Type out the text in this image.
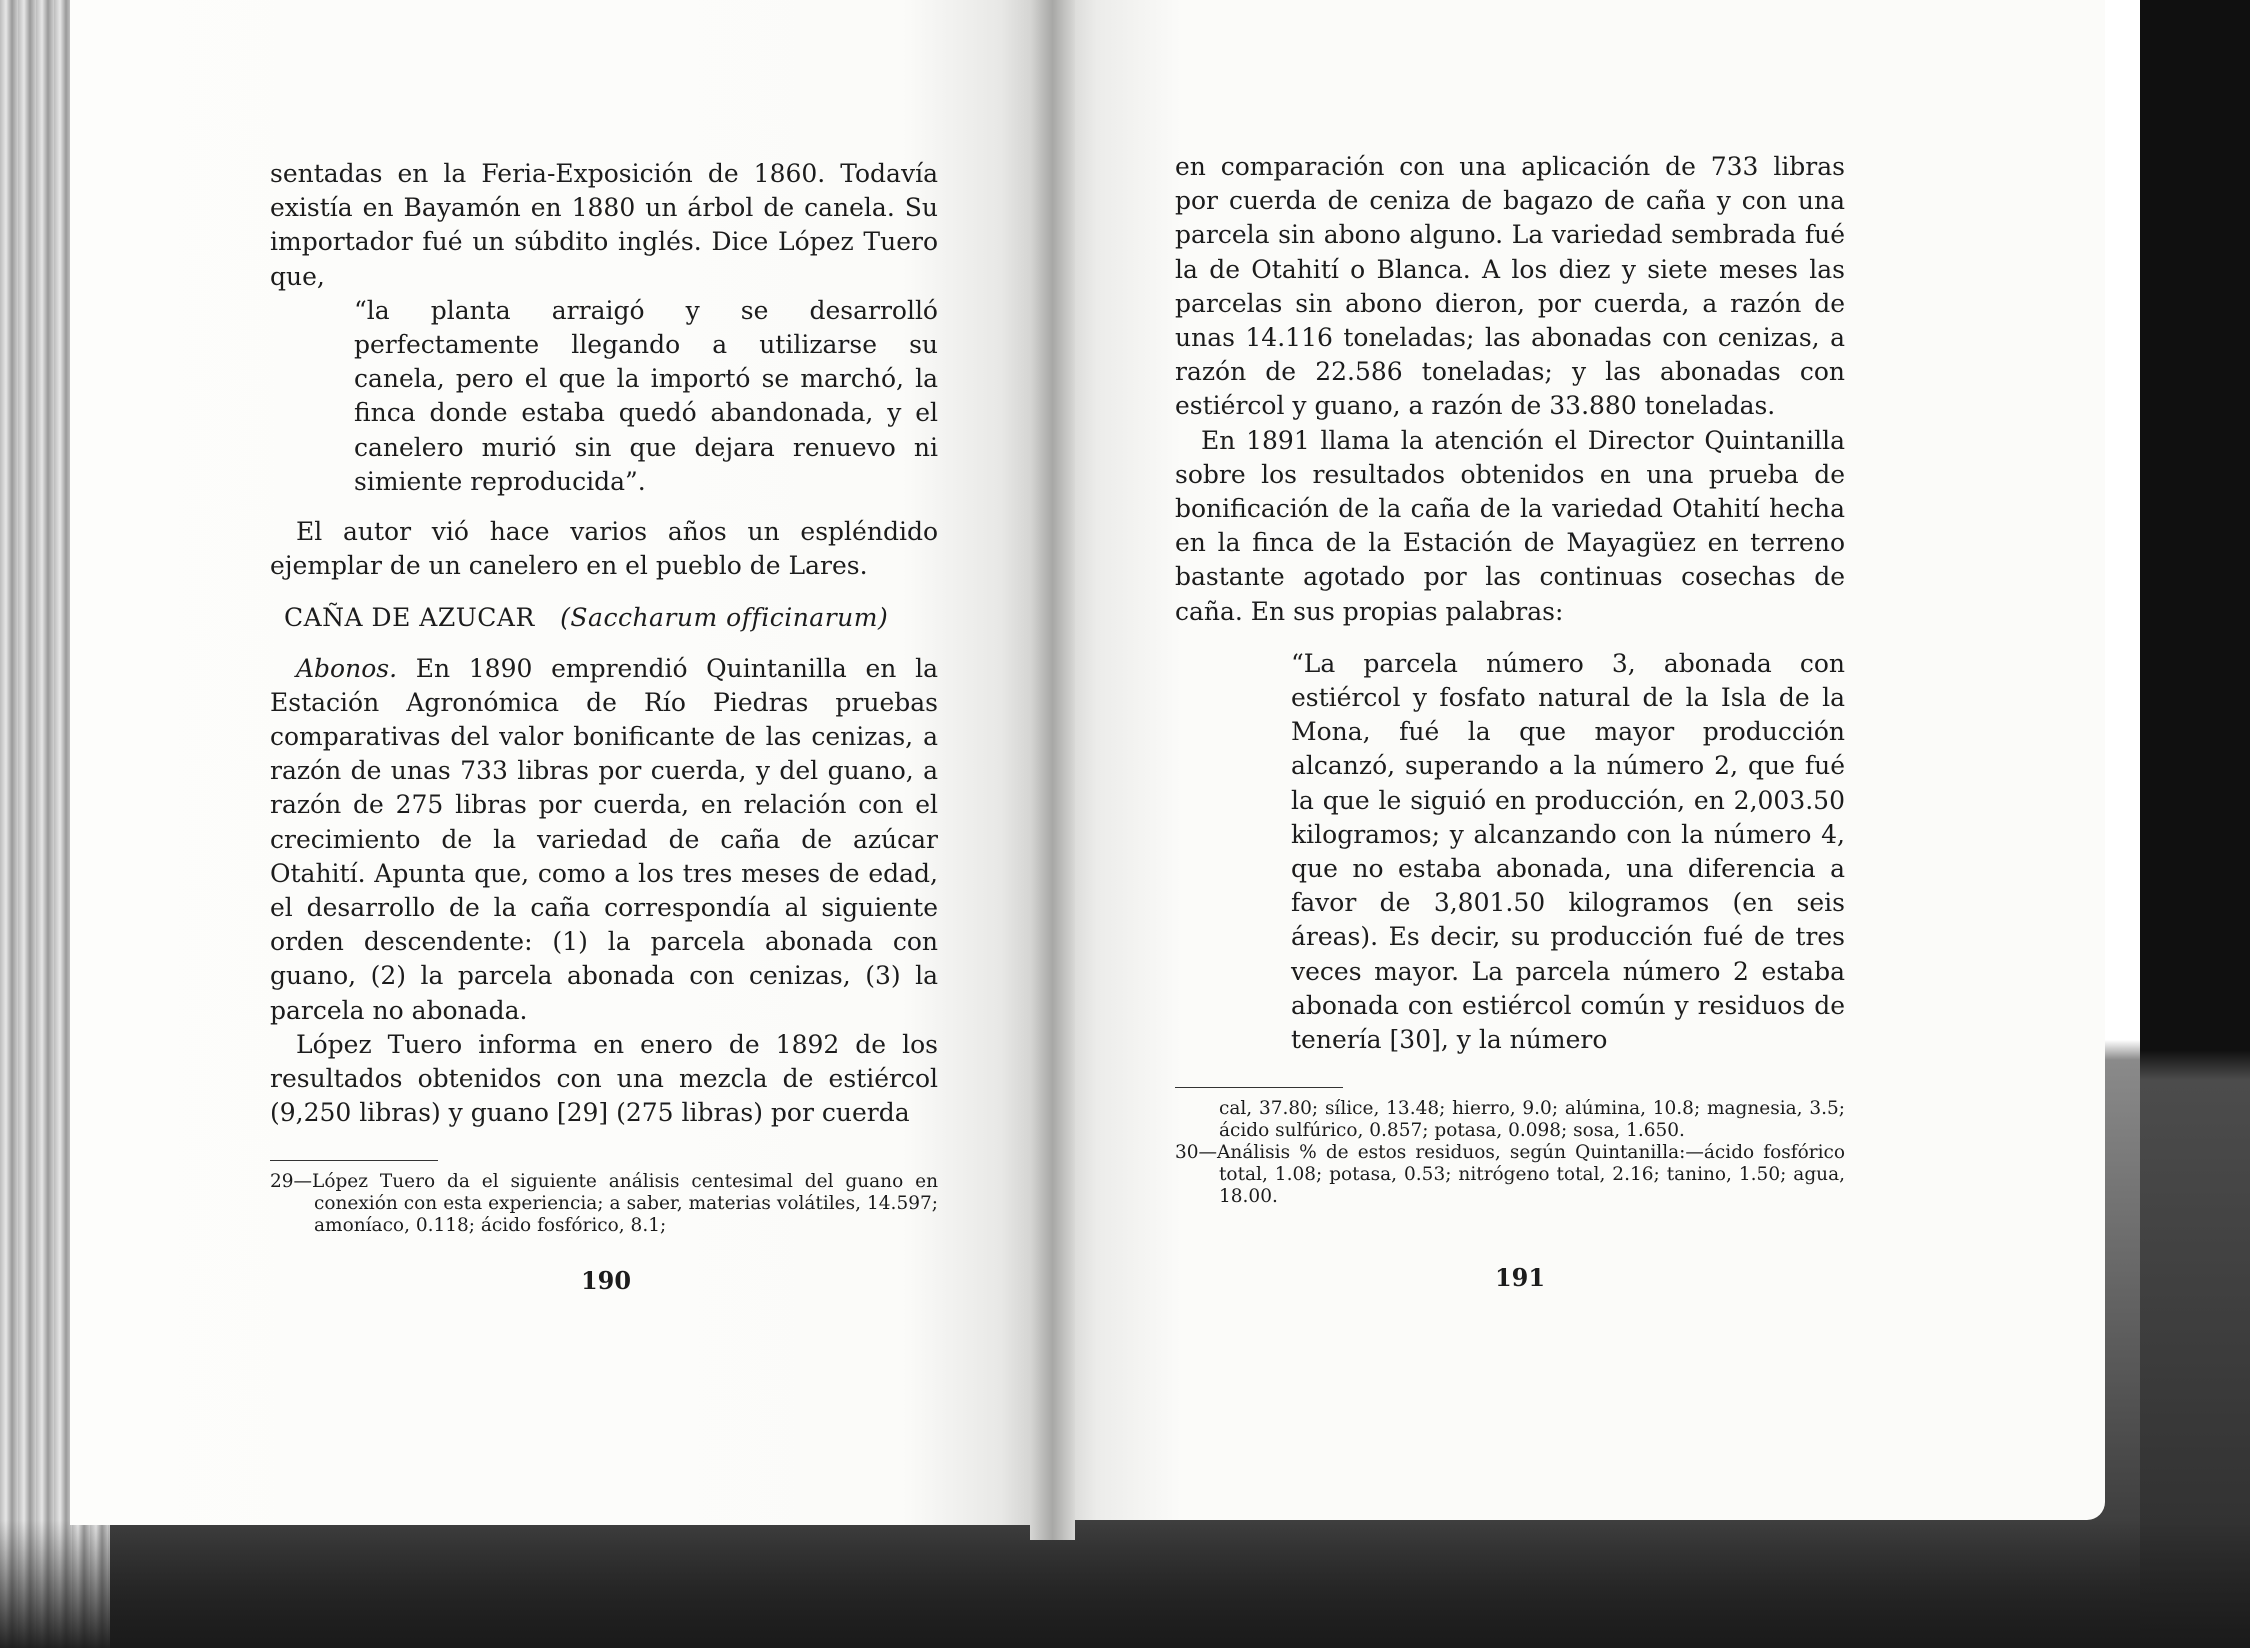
sentadas en la Feria-Exposición de 1860. Todavía existía en Bayamón en 1880 un árbol de canela. Su importador fué un súbdito inglés. Dice López Tuero que,

“la planta arraigó y se desarrolló perfectamente llegando a utilizarse su canela, pero el que la importó se marchó, la finca donde estaba quedó abandonada, y el canelero murió sin que dejara renuevo ni simiente reproducida”.

El autor vió hace varios años un espléndido ejemplar de un canelero en el pueblo de Lares.

CAÑA DE AZUCAR (Saccharum officinarum)

Abonos. En 1890 emprendió Quintanilla en la Estación Agronómica de Río Piedras pruebas comparativas del valor bonificante de las cenizas, a razón de unas 733 libras por cuerda, y del guano, a razón de 275 libras por cuerda, en relación con el crecimiento de la variedad de caña de azúcar Otahití. Apunta que, como a los tres meses de edad, el desarrollo de la caña correspondía al siguiente orden descendente: (1) la parcela abonada con guano, (2) la parcela abonada con cenizas, (3) la parcela no abonada.

López Tuero informa en enero de 1892 de los resultados obtenidos con una mezcla de estiércol (9,250 libras) y guano [29] (275 libras) por cuerda

29—López Tuero da el siguiente análisis centesimal del guano en conexión con esta experiencia; a saber, materias volátiles, 14.597; amoníaco, 0.118; ácido fosfórico, 8.1;

190

en comparación con una aplicación de 733 libras por cuerda de ceniza de bagazo de caña y con una parcela sin abono alguno. La variedad sembrada fué la de Otahití o Blanca. A los diez y siete meses las parcelas sin abono dieron, por cuerda, a razón de unas 14.116 toneladas; las abonadas con cenizas, a razón de 22.586 toneladas; y las abonadas con estiércol y guano, a razón de 33.880 toneladas.

En 1891 llama la atención el Director Quintanilla sobre los resultados obtenidos en una prueba de bonificación de la caña de la variedad Otahití hecha en la finca de la Estación de Mayagüez en terreno bastante agotado por las continuas cosechas de caña. En sus propias palabras:

“La parcela número 3, abonada con estiércol y fosfato natural de la Isla de la Mona, fué la que mayor producción alcanzó, superando a la número 2, que fué la que le siguió en producción, en 2,003.50 kilogramos; y alcanzando con la número 4, que no estaba abonada, una diferencia a favor de 3,801.50 kilogramos (en seis áreas). Es decir, su producción fué de tres veces mayor. La parcela número 2 estaba abonada con estiércol común y residuos de tenería [30], y la número

cal, 37.80; sílice, 13.48; hierro, 9.0; alúmina, 10.8; magnesia, 3.5; ácido sulfúrico, 0.857; potasa, 0.098; sosa, 1.650.

30—Análisis % de estos residuos, según Quintanilla:—ácido fosfórico total, 1.08; potasa, 0.53; nitrógeno total, 2.16; tanino, 1.50; agua, 18.00.

191
